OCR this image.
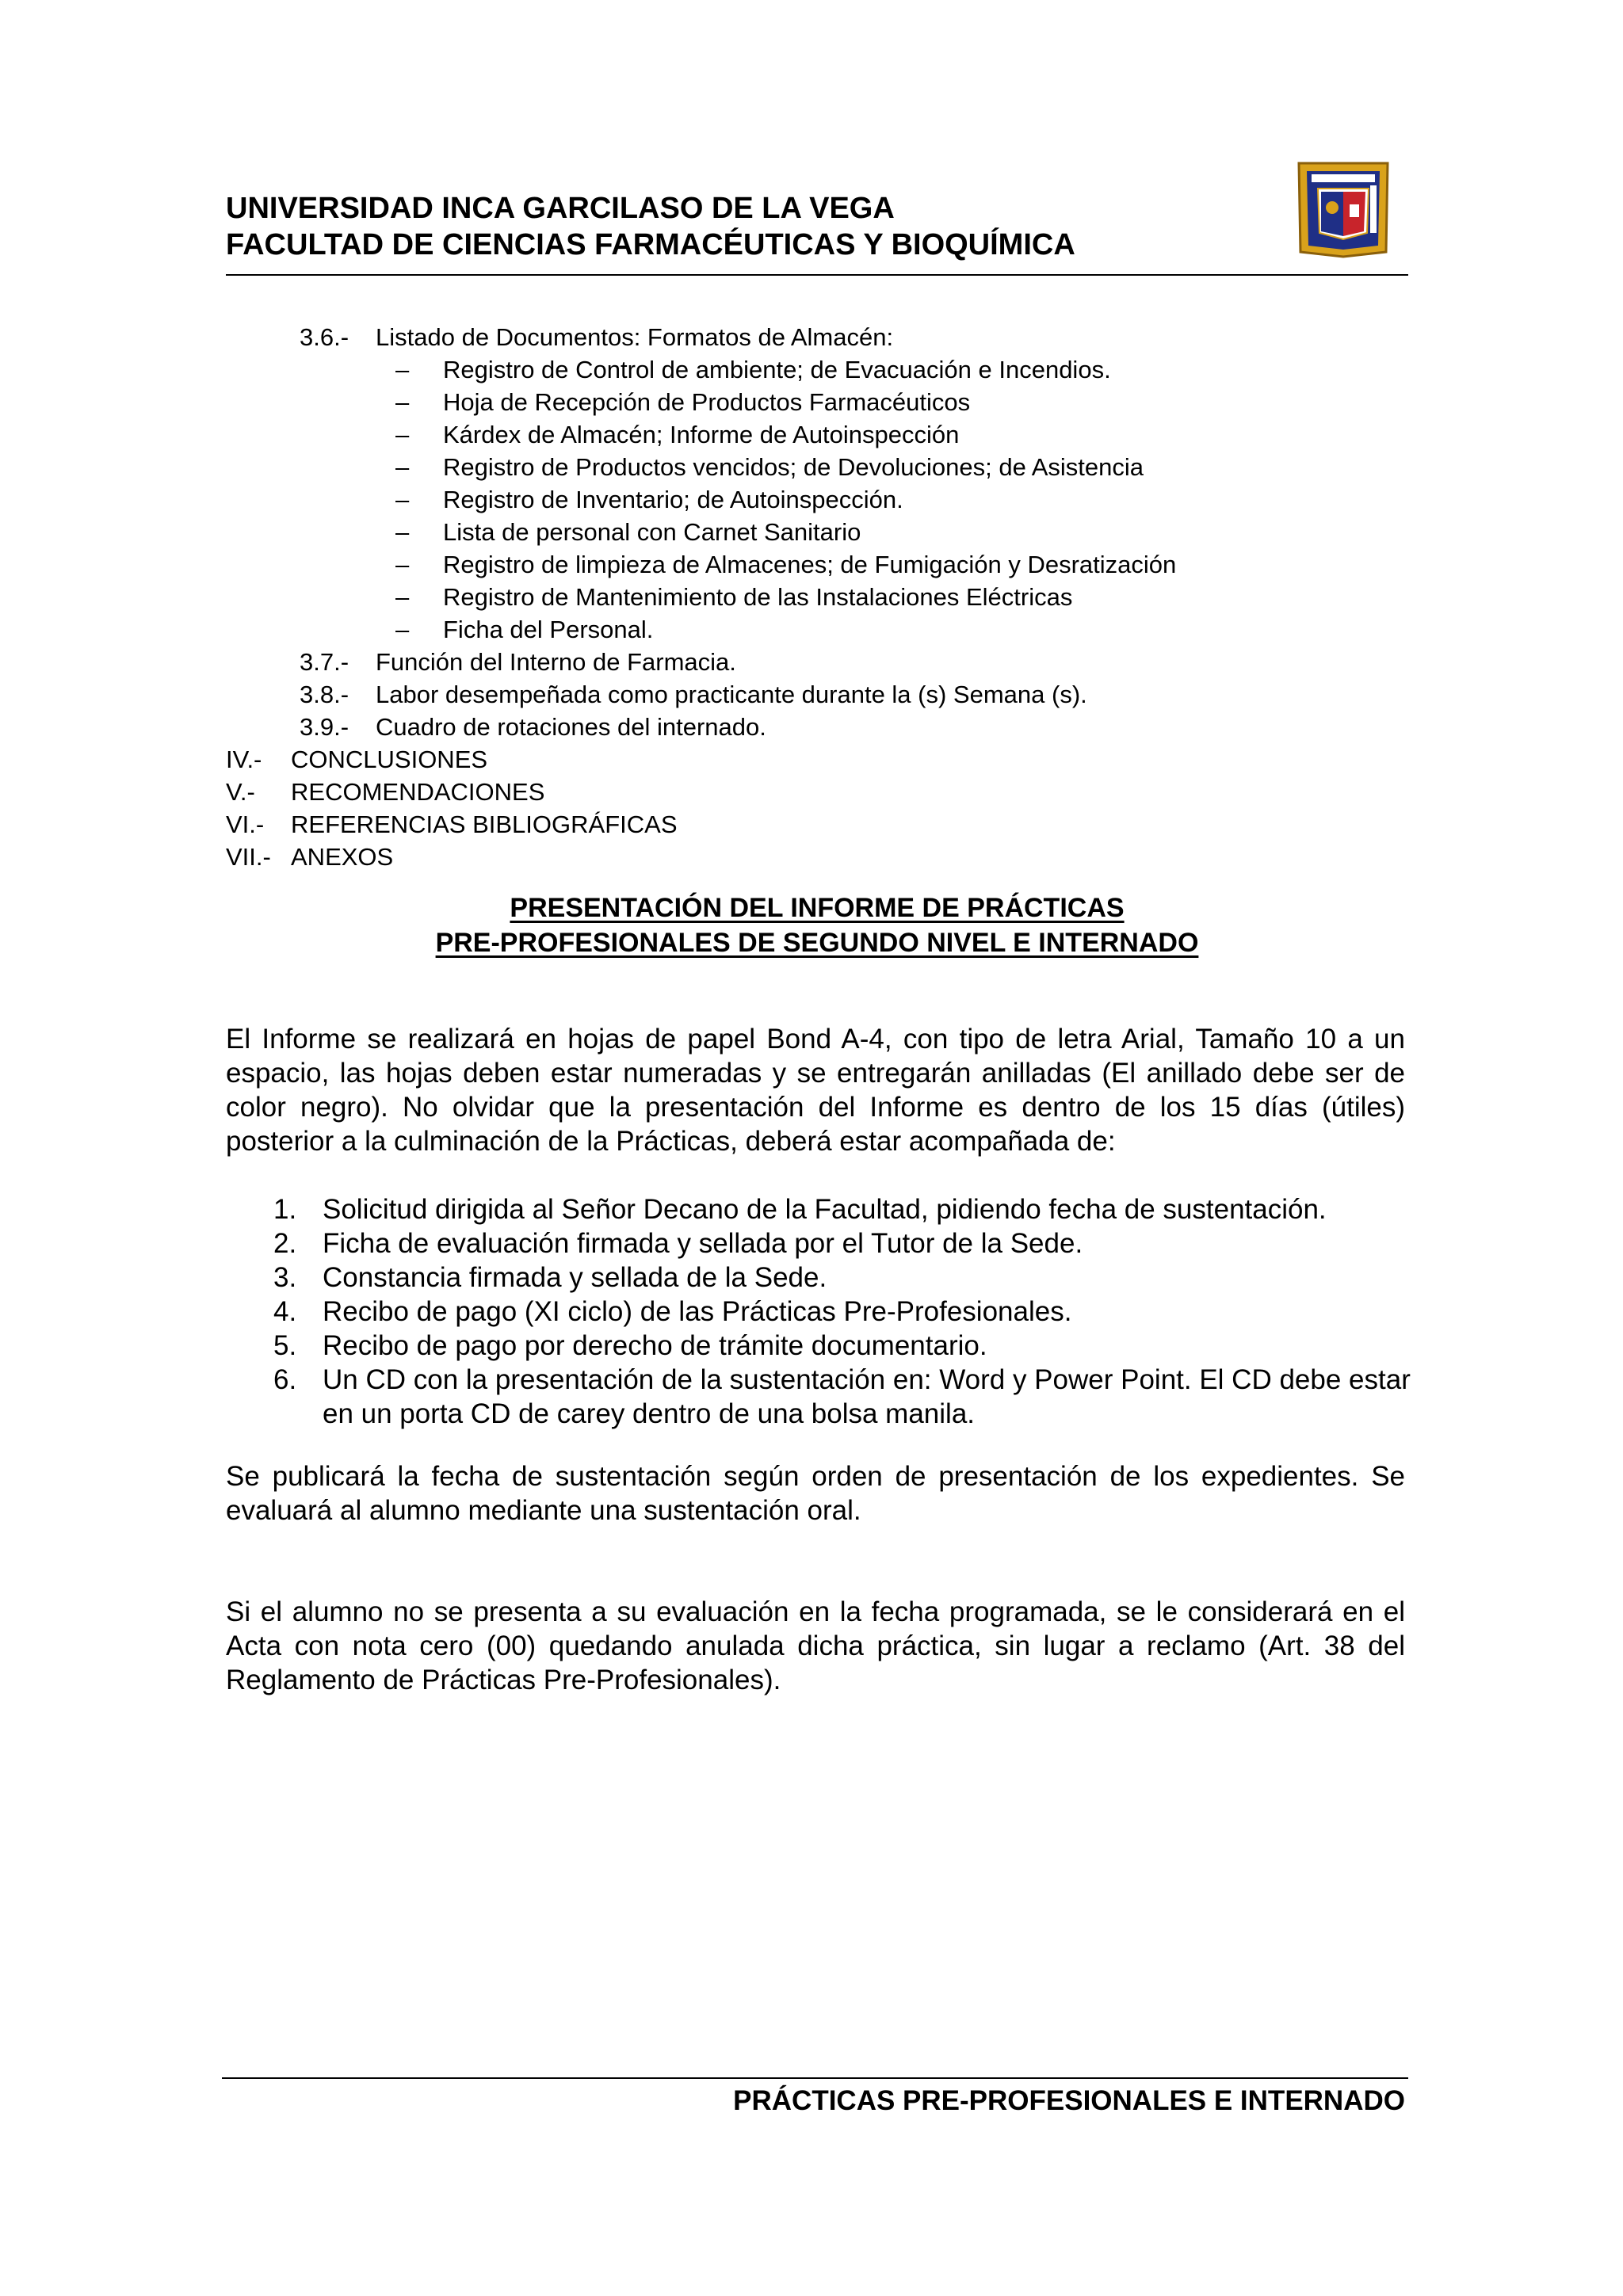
UNIVERSIDAD INCA GARCILASO DE LA VEGA
FACULTAD DE CIENCIAS FARMACÉUTICAS Y BIOQUÍMICA
3.6.- Listado de Documentos: Formatos de Almacén:
– Registro de Control de ambiente; de Evacuación e Incendios.
– Hoja de Recepción de Productos Farmacéuticos
– Kárdex de Almacén; Informe de Autoinspección
– Registro de Productos vencidos; de Devoluciones; de Asistencia
– Registro de Inventario; de Autoinspección.
– Lista de personal con Carnet Sanitario
– Registro de limpieza de Almacenes; de Fumigación y Desratización
– Registro de Mantenimiento de las Instalaciones Eléctricas
– Ficha del Personal.
3.7.- Función del Interno de Farmacia.
3.8.- Labor desempeñada como practicante durante la (s) Semana (s).
3.9.- Cuadro de rotaciones del internado.
IV.- CONCLUSIONES
V.- RECOMENDACIONES
VI.- REFERENCIAS BIBLIOGRÁFICAS
VII.- ANEXOS
PRESENTACIÓN DEL INFORME DE PRÁCTICAS
PRE-PROFESIONALES DE SEGUNDO NIVEL E INTERNADO
El Informe se realizará en hojas de papel Bond A-4, con tipo de letra Arial, Tamaño 10 a un espacio, las hojas deben estar numeradas y se entregarán anilladas (El anillado debe ser de color negro). No olvidar que la presentación del Informe es dentro de los 15 días (útiles) posterior a la culminación de la Prácticas, deberá estar acompañada de:
1. Solicitud dirigida al Señor Decano de la Facultad, pidiendo fecha de sustentación.
2. Ficha de evaluación firmada y sellada por el Tutor de la Sede.
3. Constancia firmada y sellada de la Sede.
4. Recibo de pago (XI ciclo) de las Prácticas Pre-Profesionales.
5. Recibo de pago por derecho de trámite documentario.
6. Un CD con la presentación de la sustentación en: Word y Power Point. El CD debe estar en un porta CD de carey dentro de una bolsa manila.
Se publicará la fecha de sustentación según orden de presentación de los expedientes. Se evaluará al alumno mediante una sustentación oral.
Si el alumno no se presenta a su evaluación en la fecha programada, se le considerará en el Acta con nota cero (00) quedando anulada dicha práctica, sin lugar a reclamo (Art. 38 del Reglamento de Prácticas Pre-Profesionales).
PRÁCTICAS PRE-PROFESIONALES E INTERNADO
